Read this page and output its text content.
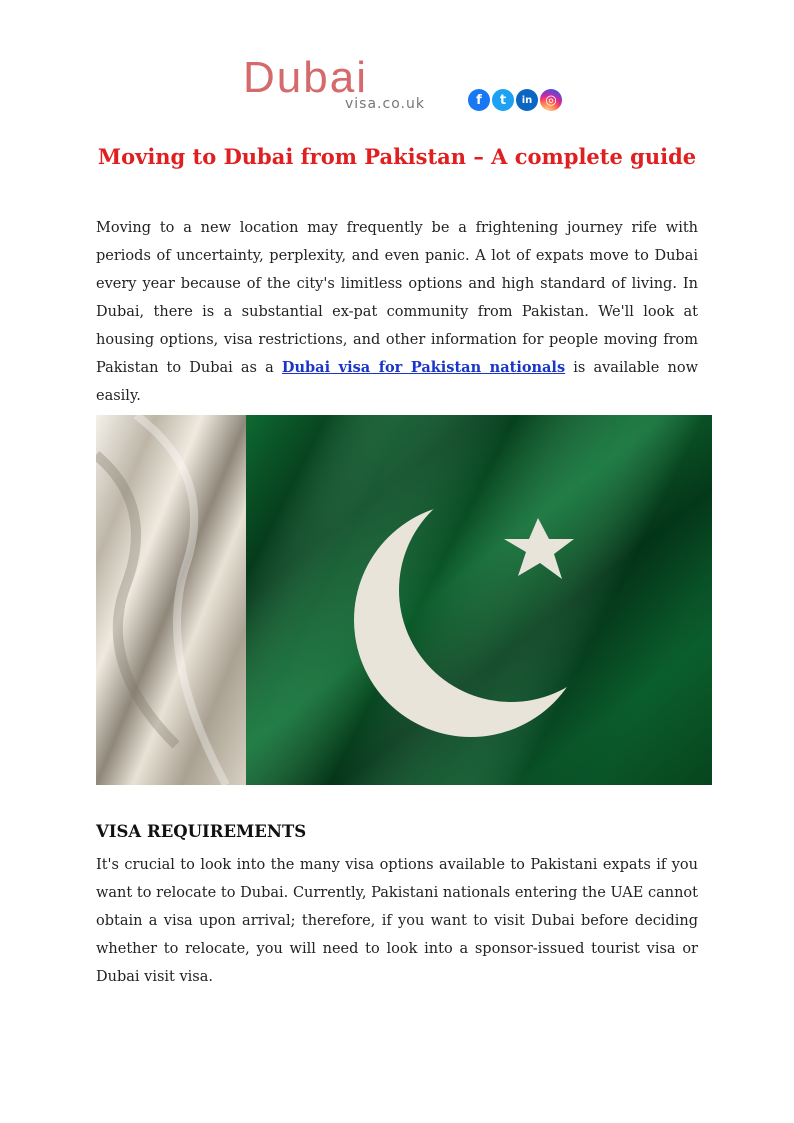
Dubai
visa.co.uk	f t in ◎
Moving to Dubai from Pakistan – A complete guide

Moving to a new location may frequently be a frightening journey rife with periods of uncertainty, perplexity, and even panic. A lot of expats move to Dubai every year because of the city's limitless options and high standard of living. In Dubai, there is a substantial ex-pat community from Pakistan. We'll look at housing options, visa restrictions, and other information for people moving from Pakistan to Dubai as a Dubai visa for Pakistan nationals is available now easily.

VISA REQUIREMENTS

It's crucial to look into the many visa options available to Pakistani expats if you want to relocate to Dubai. Currently, Pakistani nationals entering the UAE cannot obtain a visa upon arrival; therefore, if you want to visit Dubai before deciding whether to relocate, you will need to look into a sponsor-issued tourist visa or Dubai visit visa.
